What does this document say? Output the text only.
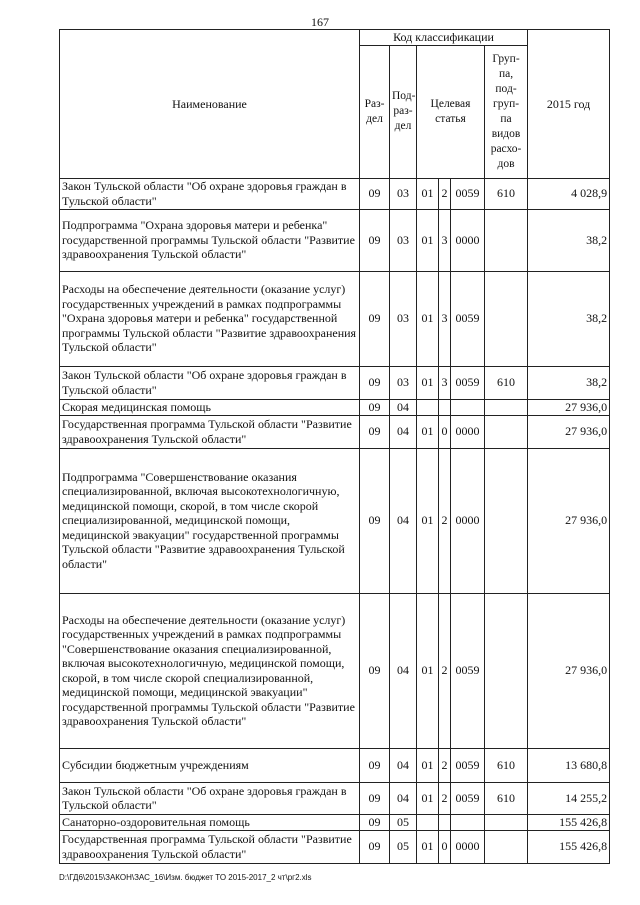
167
Наименование	Код классификации						2015 год
	Раз- дел	Под- раз- дел	Целевая статья			Груп- па, под- груп- па видов расхо- дов	
Закон Тульской области "Об охране здоровья граждан в Тульской области"	09	03	01	2	0059	610	4 028,9
Подпрограмма "Охрана здоровья матери и ребенка" государственной программы Тульской области "Развитие здравоохранения Тульской области"	09	03	01	3	0000		38,2
Расходы на обеспечение деятельности (оказание услуг) государственных учреждений в рамках подпрограммы "Охрана здоровья матери и ребенка" государственной программы Тульской области "Развитие здравоохранения Тульской области"	09	03	01	3	0059		38,2
Закон Тульской области "Об охране здоровья граждан в Тульской области"	09	03	01	3	0059	610	38,2
Скорая медицинская помощь	09	04					27 936,0
Государственная программа Тульской области "Развитие здравоохранения Тульской области"	09	04	01	0	0000		27 936,0
Подпрограмма "Совершенствование оказания специализированной, включая высокотехнологичную, медицинской помощи, скорой, в том числе скорой специализированной, медицинской помощи, медицинской эвакуации" государственной программы Тульской области "Развитие здравоохранения Тульской области"	09	04	01	2	0000		27 936,0
Расходы на обеспечение деятельности (оказание услуг) государственных учреждений в рамках подпрограммы "Совершенствование оказания специализированной, включая высокотехнологичную, медицинской помощи, скорой, в том числе скорой специализированной, медицинской помощи, медицинской эвакуации" государственной программы Тульской области "Развитие здравоохранения Тульской области"	09	04	01	2	0059		27 936,0
Субсидии бюджетным учреждениям	09	04	01	2	0059	610	13 680,8
Закон Тульской области "Об охране здоровья граждан в Тульской области"	09	04	01	2	0059	610	14 255,2
Санаторно-оздоровительная помощь	09	05					155 426,8
Государственная программа Тульской области "Развитие здравоохранения Тульской области"	09	05	01	0	0000		155 426,8
D:\ГД6\2015\ЗАКОН\ЗАС_16\Изм. бюджет ТО 2015-2017_2 чт\рг2.xls
